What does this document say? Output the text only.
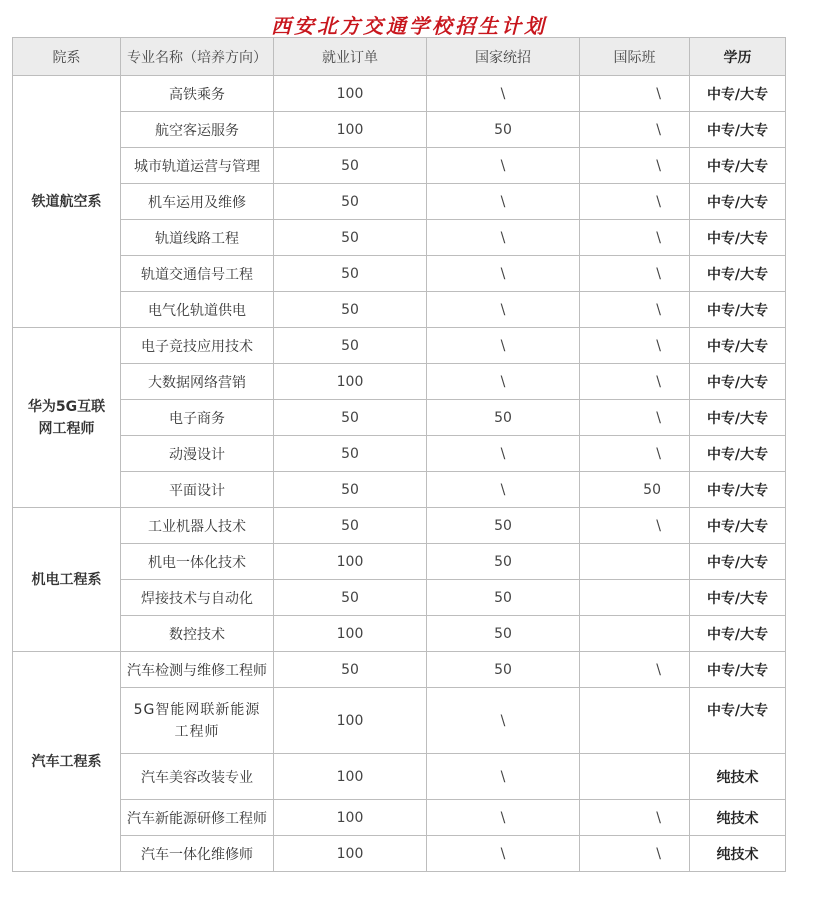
西安北方交通学校招生计划
院系	专业名称（培养方向）	就业订单	国家统招	国际班	学历
铁道航空系	高铁乘务	100	\	\	中专/大专
	航空客运服务	100	50	\	中专/大专
	城市轨道运营与管理	50	\	\	中专/大专
	机车运用及维修	50	\	\	中专/大专
	轨道线路工程	50	\	\	中专/大专
	轨道交通信号工程	50	\	\	中专/大专
	电气化轨道供电	50	\	\	中专/大专
华为5G互联网工程师	电子竞技应用技术	50	\	\	中专/大专
	大数据网络营销	100	\	\	中专/大专
	电子商务	50	50	\	中专/大专
	动漫设计	50	\	\	中专/大专
	平面设计	50	\	50	中专/大专
机电工程系	工业机器人技术	50	50	\	中专/大专
	机电一体化技术	100	50		中专/大专
	焊接技术与自动化	50	50		中专/大专
	数控技术	100	50		中专/大专
汽车工程系	汽车检测与维修工程师	50	50	\	中专/大专
	5G智能网联新能源工程师	100	\		中专/大专
	汽车美容改装专业	100	\		纯技术
	汽车新能源研修工程师	100	\	\	纯技术
	汽车一体化维修师	100	\	\	纯技术
